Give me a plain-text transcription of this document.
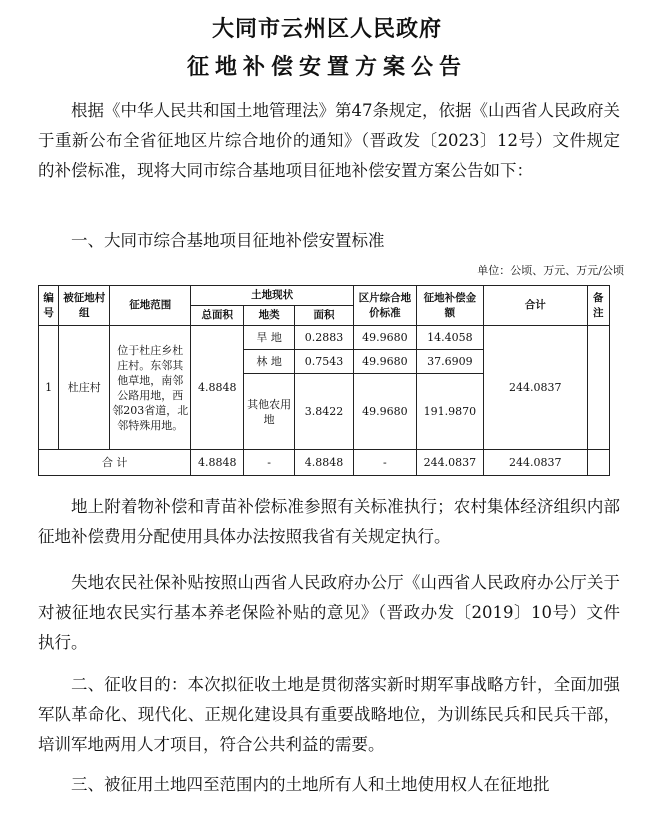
大同市云州区人民政府
征地补偿安置方案公告

根据《中华人民共和国土地管理法》第47条规定，依据《山西省人民政府关于重新公布全省征地区片综合地价的通知》（晋政发〔2023〕12号）文件规定的补偿标准，现将大同市综合基地项目征地补偿安置方案公告如下：

一、大同市综合基地项目征地补偿安置标准

单位：公顷、万元、万元/公顷
编号	被征地村组	征地范围	土地现状			区片综合地价标准	征地补偿金额	合计	备注
			总面积	地类	面积				
1	杜庄村	位于杜庄乡杜庄村。东邻其他草地，南邻公路用地，西邻203省道，北邻特殊用地。	4.8848	旱 地	0.2883	49.9680	14.4058	244.0837	
				林 地	0.7543	49.9680	37.6909		
				其他农用地	3.8422	49.9680	191.9870		
合 计			4.8848	-	4.8848	-	244.0837	244.0837	

地上附着物补偿和青苗补偿标准参照有关标准执行；农村集体经济组织内部征地补偿费用分配使用具体办法按照我省有关规定执行。

失地农民社保补贴按照山西省人民政府办公厅《山西省人民政府办公厅关于对被征地农民实行基本养老保险补贴的意见》（晋政办发〔2019〕10号）文件执行。

二、征收目的：本次拟征收土地是贯彻落实新时期军事战略方针，全面加强军队革命化、现代化、正规化建设具有重要战略地位，为训练民兵和民兵干部，培训军地两用人才项目，符合公共利益的需要。

三、被征用土地四至范围内的土地所有人和土地使用权人在征地批
